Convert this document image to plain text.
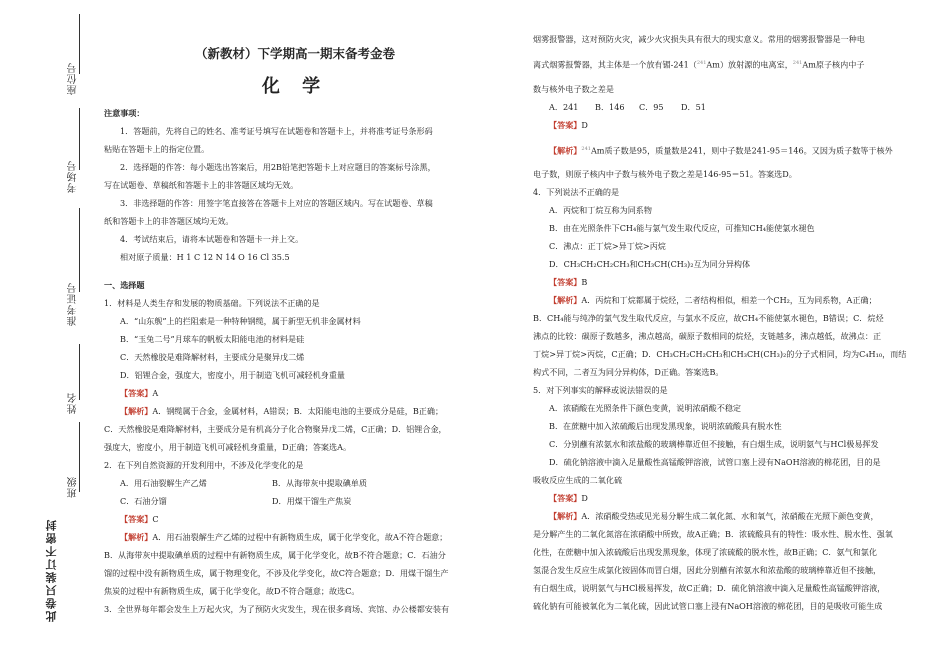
座位号
考场号
准考证号
姓名
班级
此卷只装订不密封
（新教材）下学期高一期末备考金卷
化 学

注意事项：

1．答题前，先将自己的姓名、准考证号填写在试题卷和答题卡上，并将准考证号条形码

粘贴在答题卡上的指定位置。

2．选择题的作答：每小题选出答案后，用2B铅笔把答题卡上对应题目的答案标号涂黑，

写在试题卷、草稿纸和答题卡上的非答题区域均无效。

3．非选择题的作答：用签字笔直接答在答题卡上对应的答题区域内。写在试题卷、草稿

纸和答题卡上的非答题区域均无效。

4．考试结束后，请将本试题卷和答题卡一并上交。

相对原子质量：H 1 C 12 N 14 O 16 Cl 35.5

一、选择题

1．材料是人类生存和发展的物质基础。下列说法不正确的是

A．“山东舰”上的拦阻索是一种特种钢缆，属于新型无机非金属材料

B．“玉兔二号”月球车的帆板太阳能电池的材料是硅

C．天然橡胶是难降解材料，主要成分是聚异戊二烯

D．铝锂合金，强度大，密度小，用于制造飞机可减轻机身重量

【答案】A

【解析】A．钢缆属于合金，金属材料，A错误；B．太阳能电池的主要成分是硅，B正确；

C．天然橡胶是难降解材料，主要成分是有机高分子化合物聚异戊二烯，C正确；D．铝锂合金，

强度大，密度小，用于制造飞机可减轻机身重量，D正确；答案选A。

2．在下列自然资源的开发利用中，不涉及化学变化的是

A．用石油裂解生产乙烯	B．从海带灰中提取碘单质

C．石油分馏	D．用煤干馏生产焦炭

【答案】C

【解析】A．用石油裂解生产乙烯的过程中有新物质生成，属于化学变化，故A不符合题意；

B．从海带灰中提取碘单质的过程中有新物质生成，属于化学变化，故B不符合题意；C．石油分

馏的过程中没有新物质生成，属于物理变化，不涉及化学变化，故C符合题意；D．用煤干馏生产

焦炭的过程中有新物质生成，属于化学变化，故D不符合题意；故选C。

3．全世界每年都会发生上万起火灾，为了预防火灾发生，现在很多商场、宾馆、办公楼都安装有

烟雾报警器，这对预防火灾，减少火灾损失具有很大的现实意义。常用的烟雾报警器是一种电

离式烟雾报警器，其主体是一个放有镅-241（$^{241}$Am）放射源的电离室，$^{241}$Am原子核内中子

数与核外电子数之差是

A．241	B．146	C．95	D．51

【答案】D

【解析】$^{241}$Am质子数是95，质量数是241，则中子数是241-95＝146。又因为质子数等于核外

电子数，则原子核内中子数与核外电子数之差是146-95＝51。答案选D。

4．下列说法不正确的是

A．丙烷和丁烷互称为同系物

B．由在光照条件下CH₄能与氯气发生取代反应，可推知CH₄能使氯水褪色

C．沸点：正丁烷>异丁烷>丙烷

D．CH₃CH₂CH₂CH₃和CH₃CH(CH₃)₂互为同分异构体

【答案】B

【解析】A．丙烷和丁烷都属于烷烃，二者结构相似，相差一个CH₂，互为同系物，A正确；

B．CH₄能与纯净的氯气发生取代反应，与氯水不反应，故CH₄不能使氯水褪色，B错误；C．烷烃

沸点的比较：碳原子数越多，沸点越高，碳原子数相同的烷烃，支链越多，沸点越低，故沸点：正

丁烷>异丁烷>丙烷，C正确；D．CH₃CH₂CH₂CH₃和CH₃CH(CH₃)₂的分子式相同，均为C₄H₁₀，而结

构式不同，二者互为同分异构体，D正确。答案选B。

5．对下列事实的解释或说法错误的是

A．浓硝酸在光照条件下颜色变黄，说明浓硝酸不稳定

B．在蔗糖中加入浓硫酸后出现发黑现象，说明浓硫酸具有脱水性

C．分别蘸有浓氨水和浓盐酸的玻璃棒靠近但不接触，有白烟生成，说明氨气与HCl极易挥发

D．硫化钠溶液中滴入足量酸性高锰酸钾溶液，试管口塞上浸有NaOH溶液的棉花团，目的是

吸收反应生成的二氧化硫

【答案】D

【解析】A．浓硝酸受热或见光易分解生成二氧化氮、水和氧气，浓硝酸在光照下颜色变黄，

是分解产生的二氧化氮溶在浓硝酸中所致，故A正确；B．浓硫酸具有的特性：吸水性、脱水性、强氧

化性，在蔗糖中加入浓硫酸后出现发黑现象，体现了浓硫酸的脱水性，故B正确；C．氨气和氯化

氢混合发生反应生成氯化铵固体而冒白烟，因此分别蘸有浓氨水和浓盐酸的玻璃棒靠近但不接触，

有白烟生成，说明氨气与HCl极易挥发，故C正确；D．硫化钠溶液中滴入足量酸性高锰酸钾溶液，

硫化钠有可能被氧化为二氧化硫，因此试管口塞上浸有NaOH溶液的棉花团，目的是吸收可能生成
